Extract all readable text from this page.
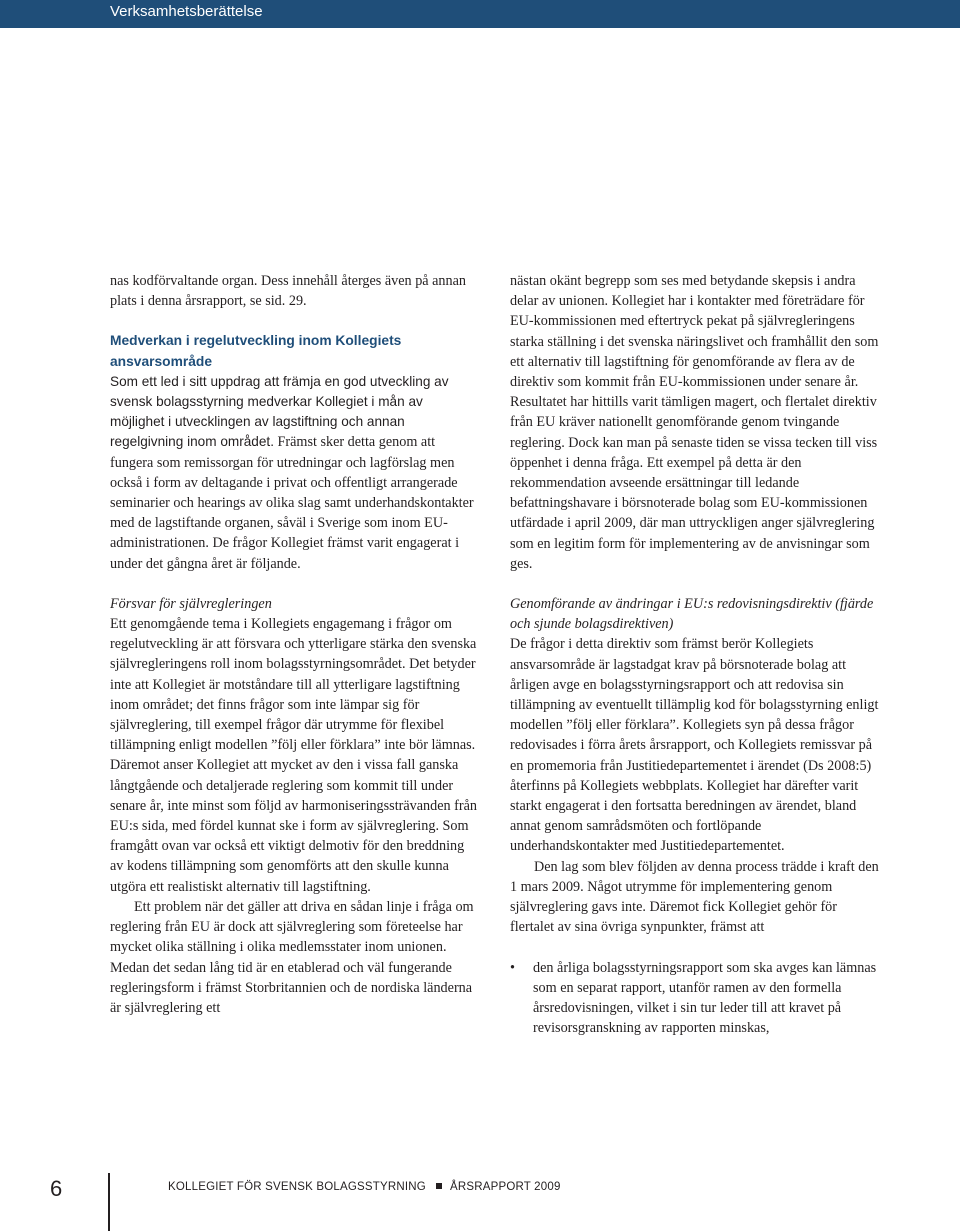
Verksamhetsberättelse

nas kodförvaltande organ. Dess innehåll återges även på annan plats i denna årsrapport, se sid. 29.

Medverkan i regelutveckling inom Kollegiets ansvarsområde

Som ett led i sitt uppdrag att främja en god utveckling av svensk bolagsstyrning medverkar Kollegiet i mån av möjlighet i utvecklingen av lagstiftning och annan regelgivning inom området. Främst sker detta genom att fungera som remissorgan för utredningar och lagförslag men också i form av deltagande i privat och offentligt arrangerade seminarier och hearings av olika slag samt underhandskontakter med de lagstiftande organen, såväl i Sverige som inom EU-administrationen. De frågor Kollegiet främst varit engagerat i under det gångna året är följande.

Försvar för självregleringen

Ett genomgående tema i Kollegiets engagemang i frågor om regelutveckling är att försvara och ytterligare stärka den svenska självregleringens roll inom bolagsstyrningsområdet. Det betyder inte att Kollegiet är motståndare till all ytterligare lagstiftning inom området; det finns frågor som inte lämpar sig för självreglering, till exempel frågor där utrymme för flexibel tillämpning enligt modellen ”följ eller förklara” inte bör lämnas. Däremot anser Kollegiet att mycket av den i vissa fall ganska långtgående och detaljerade reglering som kommit till under senare år, inte minst som följd av harmoniseringssträvanden från EU:s sida, med fördel kunnat ske i form av självreglering. Som framgått ovan var också ett viktigt delmotiv för den breddning av kodens tillämpning som genomförts att den skulle kunna utgöra ett realistiskt alternativ till lagstiftning.

Ett problem när det gäller att driva en sådan linje i fråga om reglering från EU är dock att självreglering som företeelse har mycket olika ställning i olika medlemsstater inom unionen. Medan det sedan lång tid är en etablerad och väl fungerande regleringsform i främst Storbritannien och de nordiska länderna är självreglering ett

nästan okänt begrepp som ses med betydande skepsis i andra delar av unionen. Kollegiet har i kontakter med företrädare för EU-kommissionen med eftertryck pekat på självregleringens starka ställning i det svenska näringslivet och framhållit den som ett alternativ till lagstiftning för genomförande av flera av de direktiv som kommit från EU-kommissionen under senare år. Resultatet har hittills varit tämligen magert, och flertalet direktiv från EU kräver nationellt genomförande genom tvingande reglering. Dock kan man på senaste tiden se vissa tecken till viss öppenhet i denna fråga. Ett exempel på detta är den rekommendation avseende ersättningar till ledande befattningshavare i börsnoterade bolag som EU-kommissionen utfärdade i april 2009, där man uttryckligen anger självreglering som en legitim form för implementering av de anvisningar som ges.

Genomförande av ändringar i EU:s redovisningsdirektiv (fjärde och sjunde bolagsdirektiven)

De frågor i detta direktiv som främst berör Kollegiets ansvarsområde är lagstadgat krav på börsnoterade bolag att årligen avge en bolagsstyrningsrapport och att redovisa sin tillämpning av eventuellt tillämplig kod för bolagsstyrning enligt modellen ”följ eller förklara”. Kollegiets syn på dessa frågor redovisades i förra årets årsrapport, och Kollegiets remissvar på en promemoria från Justitiedepartementet i ärendet (Ds 2008:5) återfinns på Kollegiets webbplats. Kollegiet har därefter varit starkt engagerat i den fortsatta beredningen av ärendet, bland annat genom samrådsmöten och fortlöpande underhandskontakter med Justitiedepartementet.

Den lag som blev följden av denna process trädde i kraft den 1 mars 2009. Något utrymme för implementering genom självreglering gavs inte. Däremot fick Kollegiet gehör för flertalet av sina övriga synpunkter, främst att

• den årliga bolagsstyrningsrapport som ska avges kan lämnas som en separat rapport, utanför ramen av den formella årsredovisningen, vilket i sin tur leder till att kravet på revisorsgranskning av rapporten minskas,
6	KOLLEGIET FÖR SVENSK BOLAGSSTYRNING ÅRSRAPPORT 2009
